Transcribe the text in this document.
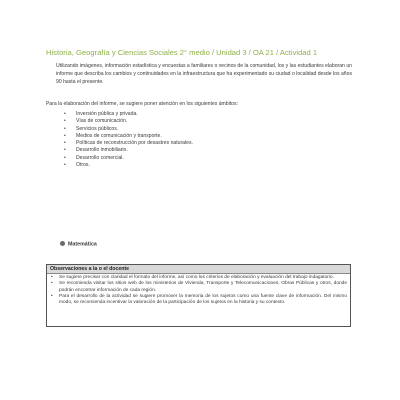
Historia, Geografía y Ciencias Sociales 2° medio / Unidad 3 / OA 21 / Actividad 1
Utilizando imágenes, información estadística y encuestas a familiares o vecinos de la comunidad, los y las estudiantes elaboran un informe que describa los cambios y continuidades en la infraestructura que ha experimentado su ciudad o localidad desde los años 90 hasta el presente.
Para la elaboración del informe, se sugiere poner atención en los siguientes ámbitos:
• Inversión pública y privada.
• Vías de comunicación.
• Servicios públicos.
• Medios de comunicación y transporte.
• Políticas de reconstrucción por desastres naturales.
• Desarrollo inmobiliario.
• Desarrollo comercial.
• Otros.
Matemática
Observaciones a la o el docente
• Se sugiere precisar con claridad el formato del informe, así como los criterios de elaboración y evaluación del trabajo indagatorio.
• Se recomienda visitar los sitios web de los ministerios de Vivienda, Transporte y Telecomunicaciones, Obras Públicas y otros, donde podrán encontrar información de cada región.
• Para el desarrollo de la actividad se sugiere promover la memoria de los sujetos como una fuente clave de información. Del mismo modo, se recomienda incentivar la valoración de la participación de los sujetos en la historia y su contexto.
